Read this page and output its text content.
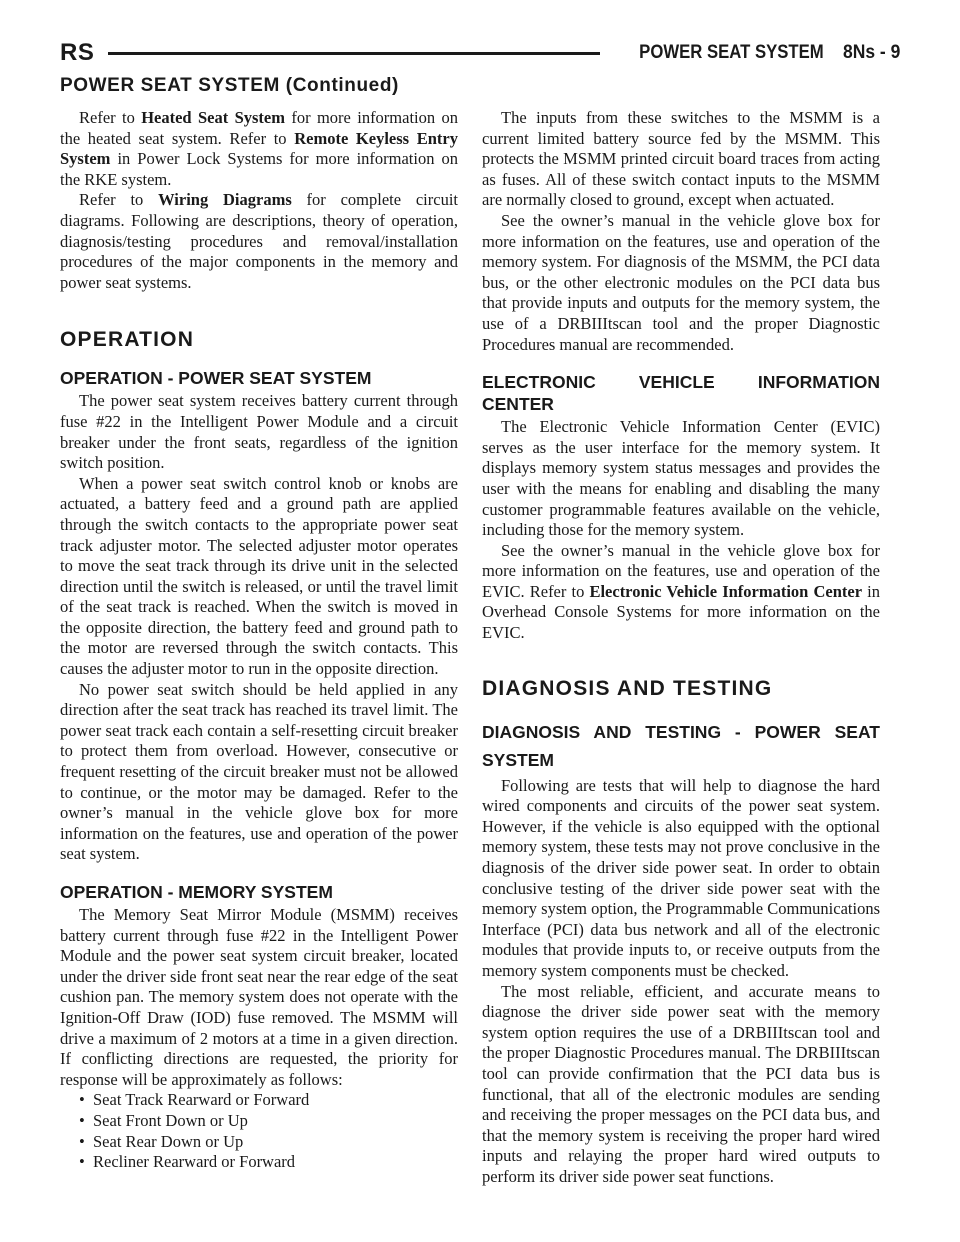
RS	POWER SEAT SYSTEM 8Ns - 9
POWER SEAT SYSTEM (Continued)

Refer to Heated Seat System for more information on the heated seat system. Refer to Remote Keyless Entry System in Power Lock Systems for more information on the RKE system.

Refer to Wiring Diagrams for complete circuit diagrams. Following are descriptions, theory of operation, diagnosis/testing procedures and removal/installation procedures of the major components in the memory and power seat systems.

OPERATION
OPERATION - POWER SEAT SYSTEM

The power seat system receives battery current through fuse #22 in the Intelligent Power Module and a circuit breaker under the front seats, regardless of the ignition switch position.

When a power seat switch control knob or knobs are actuated, a battery feed and a ground path are applied through the switch contacts to the appropriate power seat track adjuster motor. The selected adjuster motor operates to move the seat track through its drive unit in the selected direction until the switch is released, or until the travel limit of the seat track is reached. When the switch is moved in the opposite direction, the battery feed and ground path to the motor are reversed through the switch contacts. This causes the adjuster motor to run in the opposite direction.

No power seat switch should be held applied in any direction after the seat track has reached its travel limit. The power seat track each contain a self-resetting circuit breaker to protect them from overload. However, consecutive or frequent resetting of the circuit breaker must not be allowed to continue, or the motor may be damaged. Refer to the owner’s manual in the vehicle glove box for more information on the features, use and operation of the power seat system.

OPERATION - MEMORY SYSTEM

The Memory Seat Mirror Module (MSMM) receives battery current through fuse #22 in the Intelligent Power Module and the power seat system circuit breaker, located under the driver side front seat near the rear edge of the seat cushion pan. The memory system does not operate with the Ignition-Off Draw (IOD) fuse removed. The MSMM will drive a maximum of 2 motors at a time in a given direction. If conflicting directions are requested, the priority for response will be approximately as follows:

• Seat Track Rearward or Forward
• Seat Front Down or Up
• Seat Rear Down or Up
• Recliner Rearward or Forward

The inputs from these switches to the MSMM is a current limited battery source fed by the MSMM. This protects the MSMM printed circuit board traces from acting as fuses. All of these switch contact inputs to the MSMM are normally closed to ground, except when actuated.

See the owner’s manual in the vehicle glove box for more information on the features, use and operation of the memory system. For diagnosis of the MSMM, the PCI data bus, or the other electronic modules on the PCI data bus that provide inputs and outputs for the memory system, the use of a DRBIIItscan tool and the proper Diagnostic Procedures manual are recommended.

ELECTRONIC VEHICLE INFORMATION CENTER

The Electronic Vehicle Information Center (EVIC) serves as the user interface for the memory system. It displays memory system status messages and provides the user with the means for enabling and disabling the many customer programmable features available on the vehicle, including those for the memory system.

See the owner’s manual in the vehicle glove box for more information on the features, use and operation of the EVIC. Refer to Electronic Vehicle Information Center in Overhead Console Systems for more information on the EVIC.

DIAGNOSIS AND TESTING
DIAGNOSIS AND TESTING - POWER SEAT SYSTEM

Following are tests that will help to diagnose the hard wired components and circuits of the power seat system. However, if the vehicle is also equipped with the optional memory system, these tests may not prove conclusive in the diagnosis of the driver side power seat. In order to obtain conclusive testing of the driver side power seat with the memory system option, the Programmable Communications Interface (PCI) data bus network and all of the electronic modules that provide inputs to, or receive outputs from the memory system components must be checked.

The most reliable, efficient, and accurate means to diagnose the driver side power seat with the memory system option requires the use of a DRBIIItscan tool and the proper Diagnostic Procedures manual. The DRBIIItscan tool can provide confirmation that the PCI data bus is functional, that all of the electronic modules are sending and receiving the proper messages on the PCI data bus, and that the memory system is receiving the proper hard wired inputs and relaying the proper hard wired outputs to perform its driver side power seat functions.
